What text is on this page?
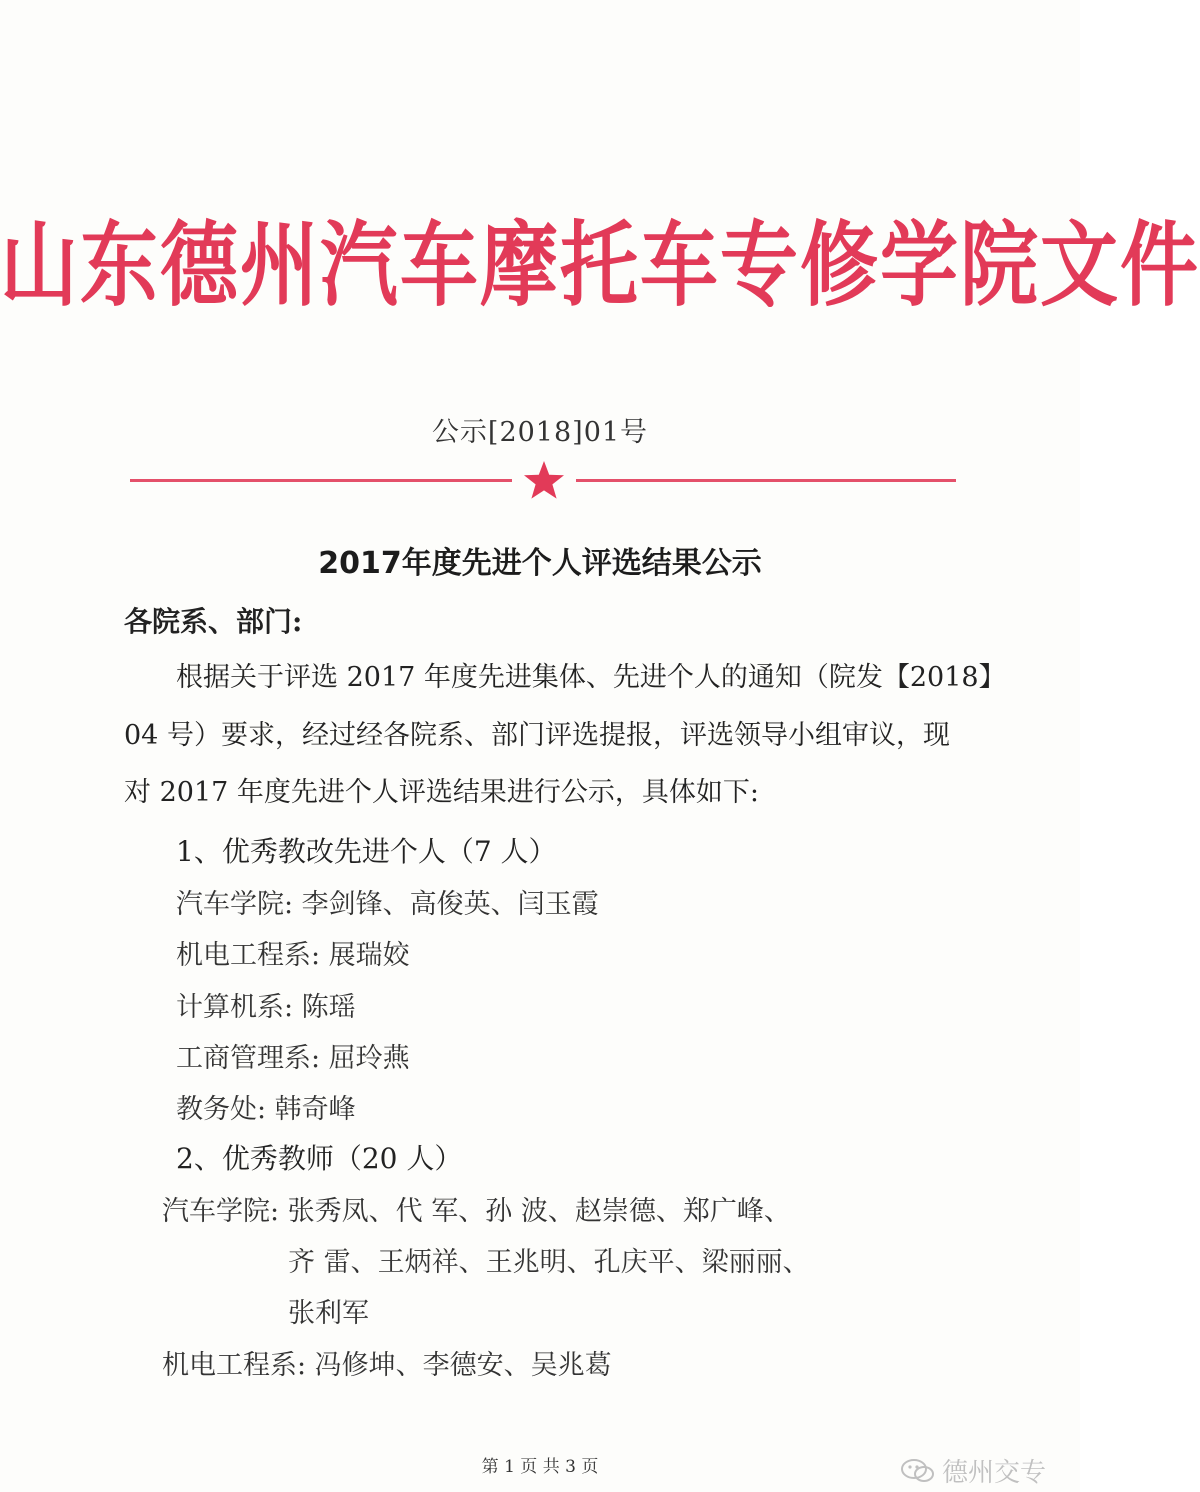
山东德州汽车摩托车专修学院文件
公示[2018]01号
2017年度先进个人评选结果公示
各院系、部门:
根据关于评选 2017 年度先进集体、先进个人的通知（院发【2018】
04 号）要求，经过经各院系、部门评选提报，评选领导小组审议，现
对 2017 年度先进个人评选结果进行公示，具体如下:
1、优秀教改先进个人（7 人）
汽车学院: 李剑锋、高俊英、闫玉霞
机电工程系: 展瑞姣
计算机系: 陈瑶
工商管理系: 屈玲燕
教务处: 韩奇峰
2、优秀教师（20 人）
汽车学院: 张秀凤、代 军、孙 波、赵崇德、郑广峰、
齐 雷、王炳祥、王兆明、孔庆平、梁丽丽、
张利军
机电工程系: 冯修坤、李德安、吴兆葛
第 1 页 共 3 页	德州交专
